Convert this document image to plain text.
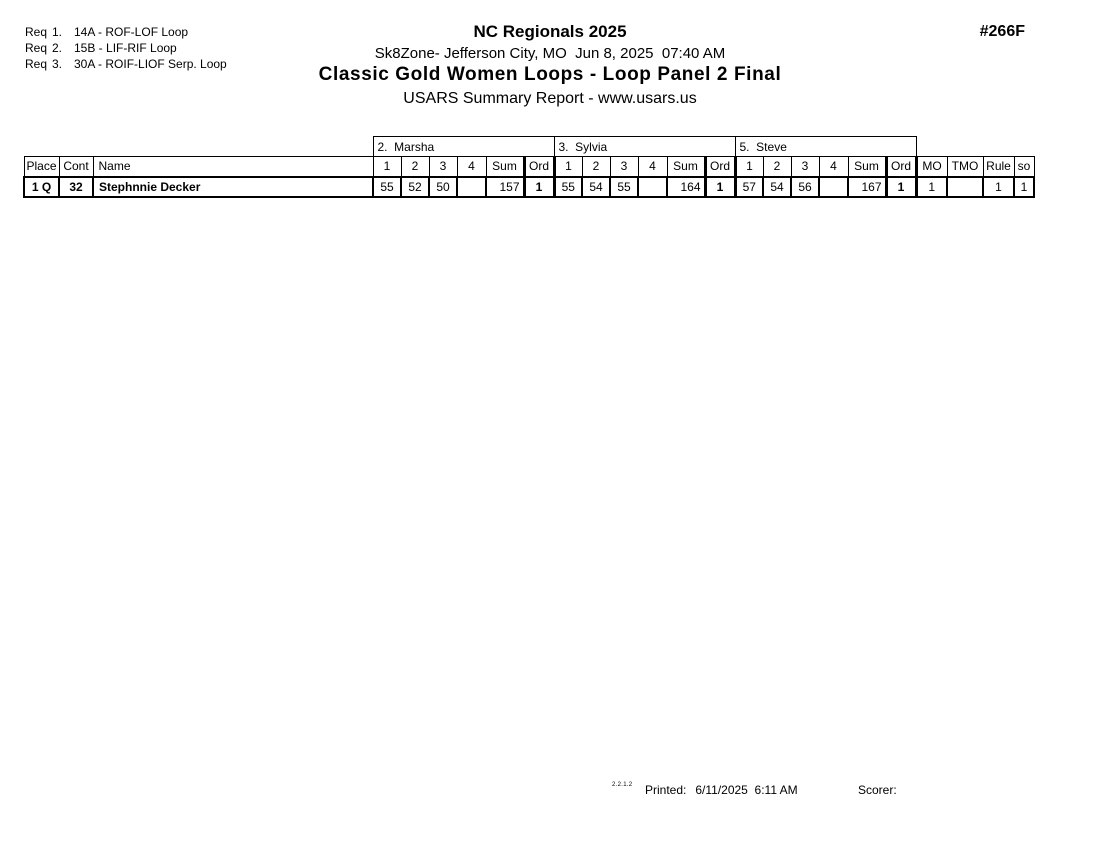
Req 1. 14A - ROF-LOF Loop
Req 2. 15B - LIF-RIF Loop
Req 3. 30A - ROIF-LIOF Serp. Loop
NC Regionals 2025
Sk8Zone- Jefferson City, MO  Jun 8, 2025  07:40 AM
Classic Gold Women Loops - Loop Panel 2 Final
USARS Summary Report - www.usars.us
#266F
			2.  Marsha						3.  Sylvia						5.  Steve									
Place	Cont	Name	1	2	3	4	Sum	Ord	1	2	3	4	Sum	Ord	1	2	3	4	Sum	Ord	MO	TMO	Rule	so
1 Q	32	Stephnnie Decker	55	52	50		157	1	55	54	55		164	1	57	54	56		167	1	1		1	1
2.2.1.2 Printed: 6/11/2025  6:11 AM	Scorer:
